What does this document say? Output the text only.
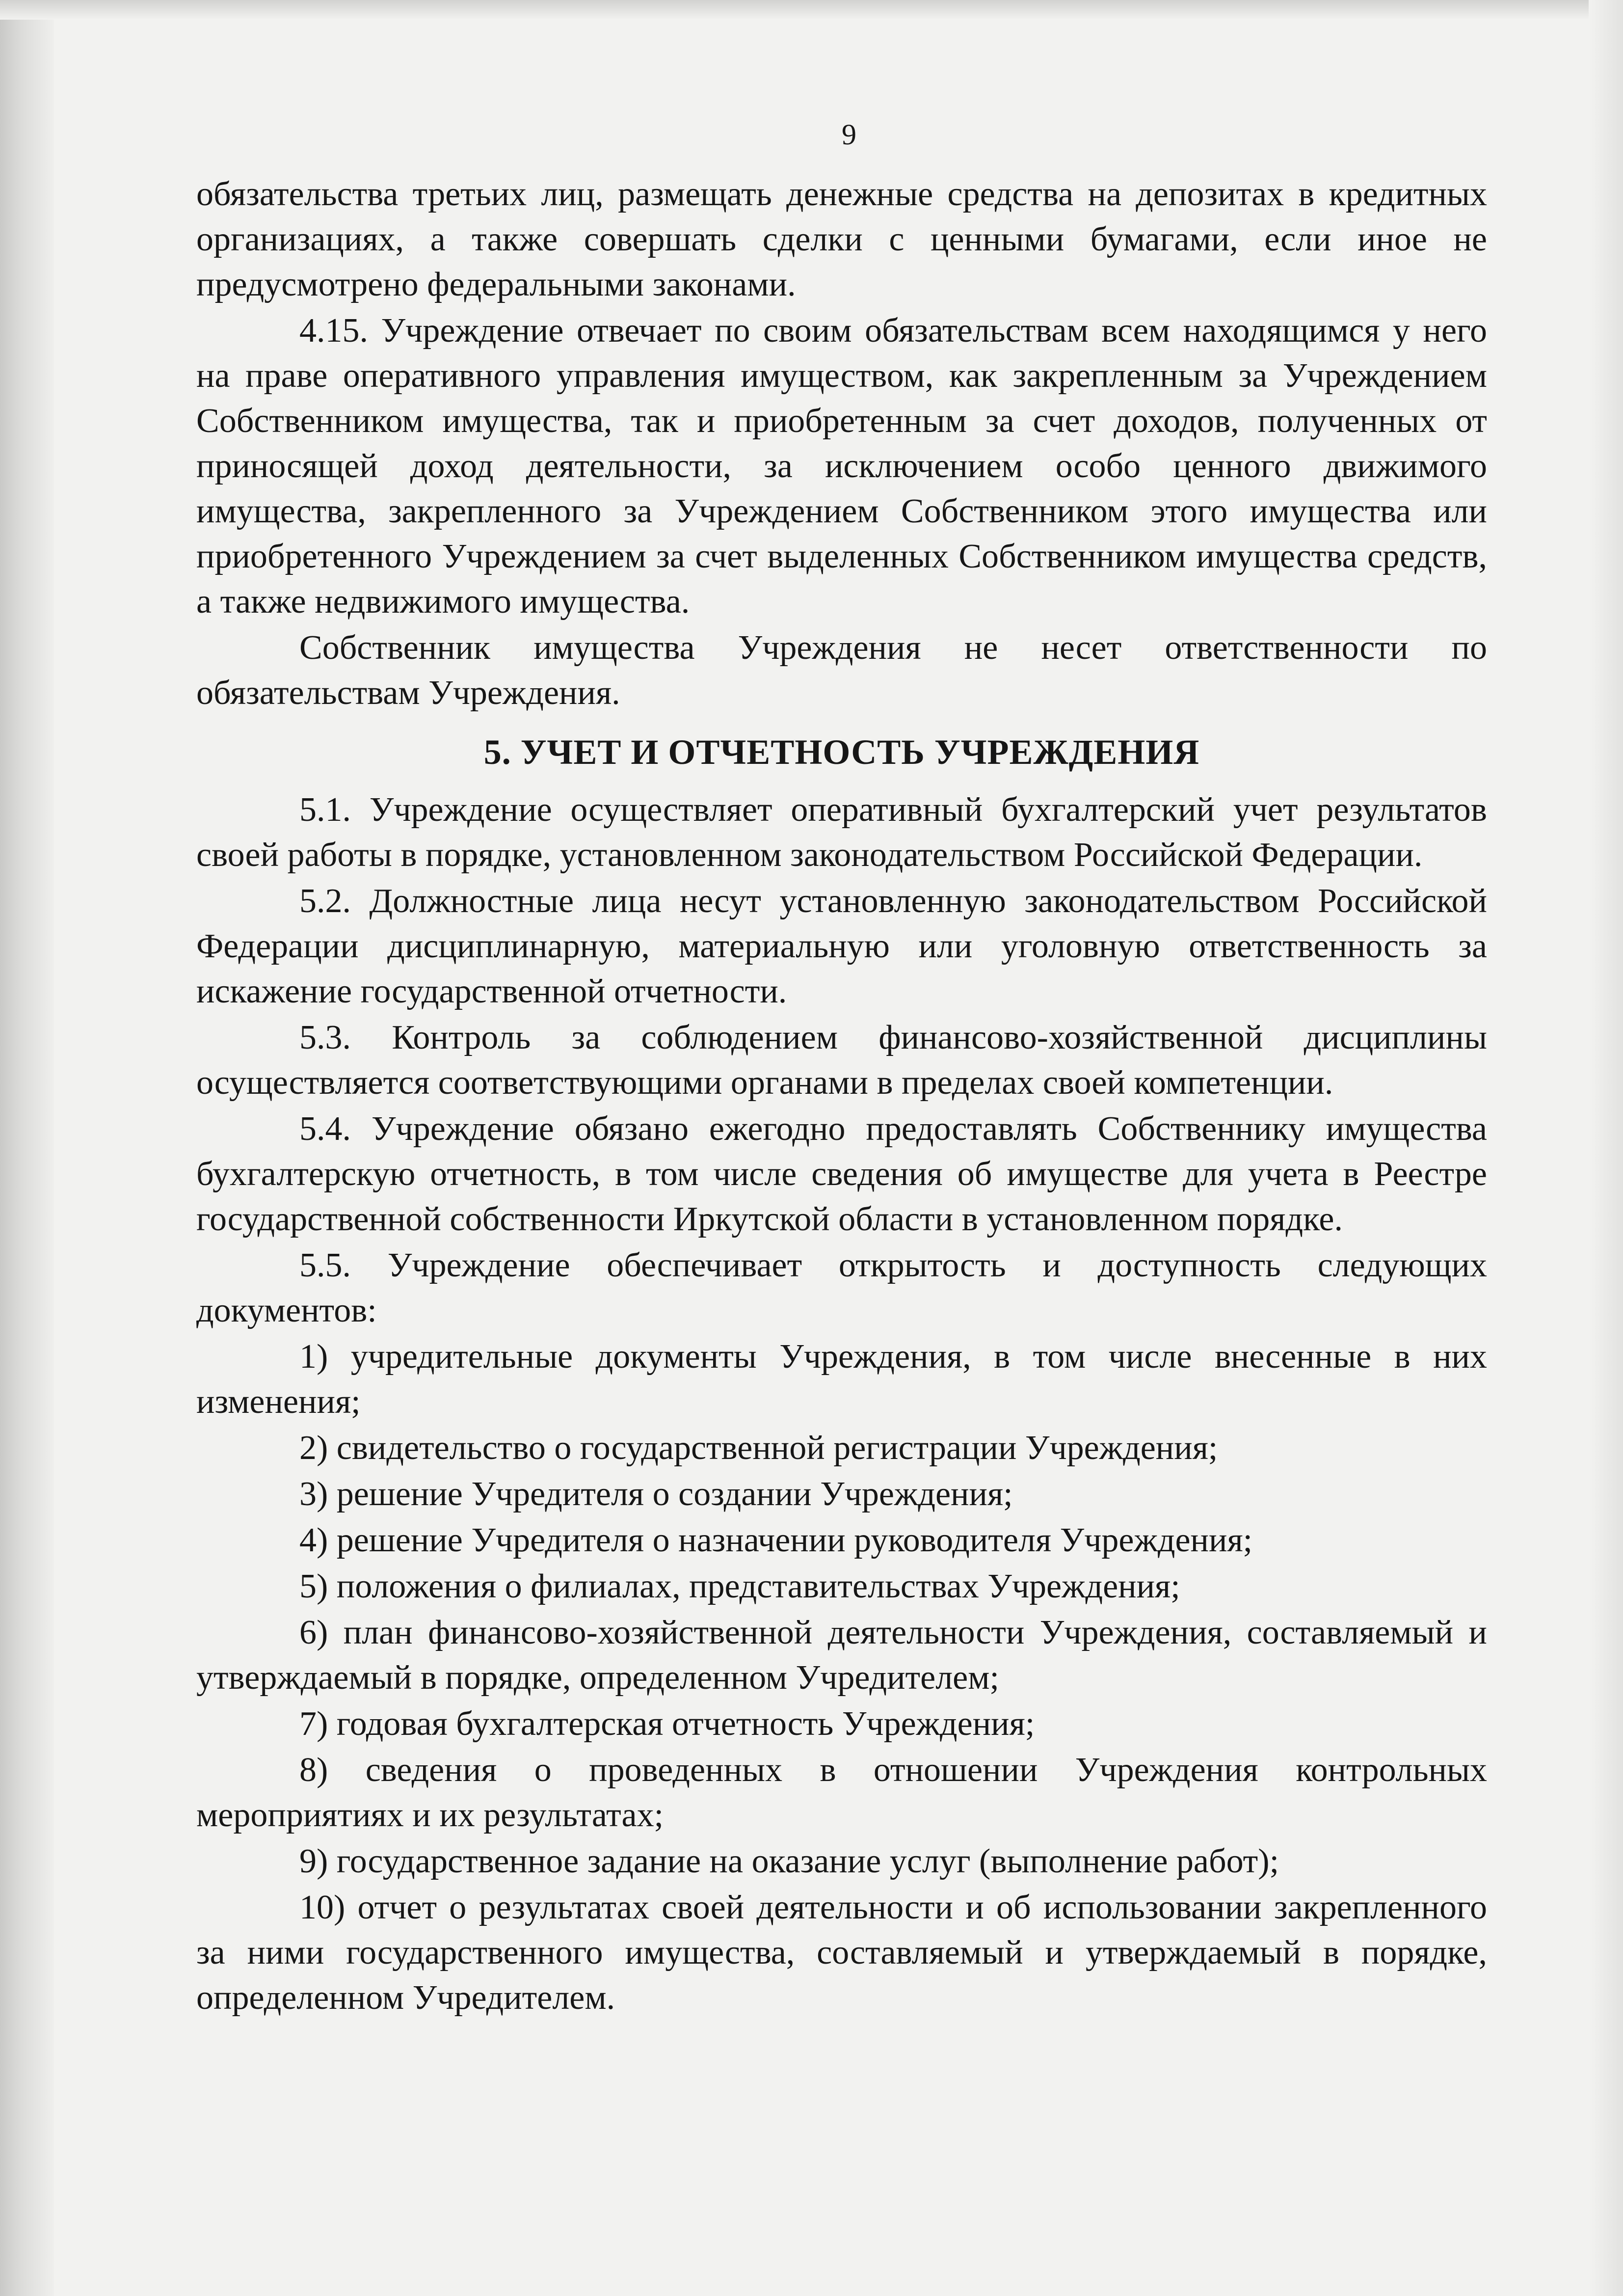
9

обязательства третьих лиц, размещать денежные средства на депозитах в кредитных организациях, а также совершать сделки с ценными бумагами, если иное не предусмотрено федеральными законами.

4.15. Учреждение отвечает по своим обязательствам всем находящимся у него на праве оперативного управления имуществом, как закрепленным за Учреждением Собственником имущества, так и приобретенным за счет доходов, полученных от приносящей доход деятельности, за исключением особо ценного движимого имущества, закрепленного за Учреждением Собственником этого имущества или приобретенного Учреждением за счет выделенных Собственником имущества средств, а также недвижимого имущества.

Собственник имущества Учреждения не несет ответственности по обязательствам Учреждения.

5. УЧЕТ И ОТЧЕТНОСТЬ УЧРЕЖДЕНИЯ

5.1. Учреждение осуществляет оперативный бухгалтерский учет результатов своей работы в порядке, установленном законодательством Российской Федерации.

5.2. Должностные лица несут установленную законодательством Российской Федерации дисциплинарную, материальную или уголовную ответственность за искажение государственной отчетности.

5.3. Контроль за соблюдением финансово-хозяйственной дисциплины осуществляется соответствующими органами в пределах своей компетенции.

5.4. Учреждение обязано ежегодно предоставлять Собственнику имущества бухгалтерскую отчетность, в том числе сведения об имуществе для учета в Реестре государственной собственности Иркутской области в установленном порядке.

5.5. Учреждение обеспечивает открытость и доступность следующих документов:

1) учредительные документы Учреждения, в том числе внесенные в них изменения;

2) свидетельство о государственной регистрации Учреждения;

3) решение Учредителя о создании Учреждения;

4) решение Учредителя о назначении руководителя Учреждения;

5) положения о филиалах, представительствах Учреждения;

6) план финансово-хозяйственной деятельности Учреждения, составляемый и утверждаемый в порядке, определенном Учредителем;

7) годовая бухгалтерская отчетность Учреждения;

8) сведения о проведенных в отношении Учреждения контрольных мероприятиях и их результатах;

9) государственное задание на оказание услуг (выполнение работ);

10) отчет о результатах своей деятельности и об использовании закрепленного за ними государственного имущества, составляемый и утверждаемый в порядке, определенном Учредителем.
